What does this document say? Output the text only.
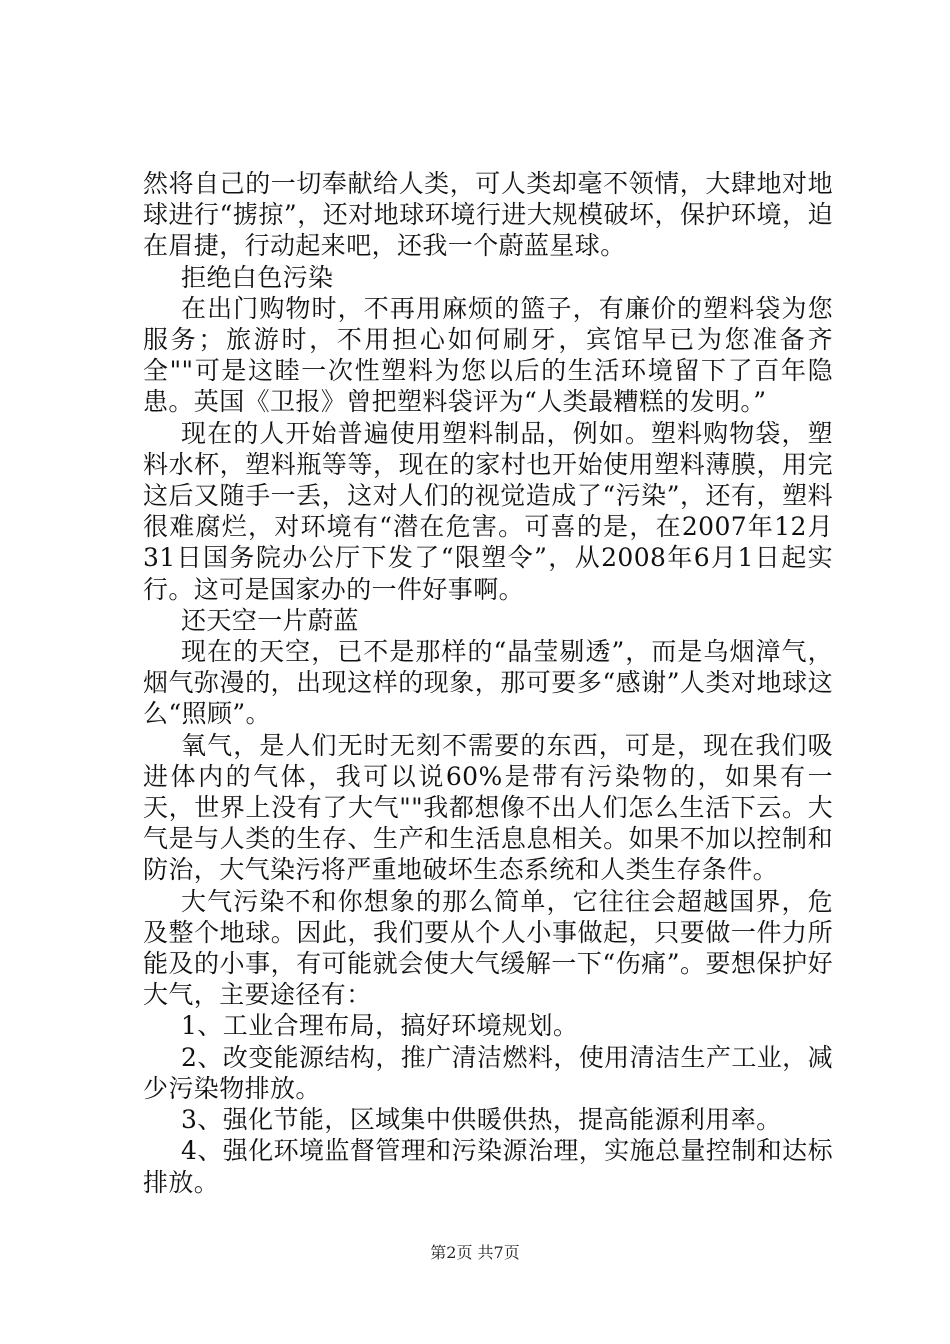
然将自己的一切奉献给人类，可人类却毫不领情，大肆地对地球进行“掳掠”，还对地球环境行进大规模破坏，保护环境，迫在眉捷，行动起来吧，还我一个蔚蓝星球。

拒绝白色污染

在出门购物时，不再用麻烦的篮子，有廉价的塑料袋为您服务；旅游时，不用担心如何刷牙，宾馆早已为您准备齐全""可是这睦一次性塑料为您以后的生活环境留下了百年隐患。英国《卫报》曾把塑料袋评为“人类最糟糕的发明。”

现在的人开始普遍使用塑料制品，例如。塑料购物袋，塑料水杯，塑料瓶等等，现在的家村也开始使用塑料薄膜，用完这后又随手一丢，这对人们的视觉造成了“污染”，还有，塑料很难腐烂，对环境有“潜在危害。可喜的是，在2007年12月31日国务院办公厅下发了“限塑令”，从2008年6月1日起实行。这可是国家办的一件好事啊。

还天空一片蔚蓝

现在的天空，已不是那样的“晶莹剔透”，而是乌烟漳气，烟气弥漫的，出现这样的现象，那可要多“感谢”人类对地球这么“照顾”。

氧气，是人们无时无刻不需要的东西，可是，现在我们吸进体内的气体，我可以说60%是带有污染物的，如果有一天，世界上没有了大气""我都想像不出人们怎么生活下云。大气是与人类的生存、生产和生活息息相关。如果不加以控制和防治，大气染污将严重地破坏生态系统和人类生存条件。

大气污染不和你想象的那么简单，它往往会超越国界，危及整个地球。因此，我们要从个人小事做起，只要做一件力所能及的小事，有可能就会使大气缓解一下“伤痛”。要想保护好大气，主要途径有：

1、工业合理布局，搞好环境规划。

2、改变能源结构，推广清洁燃料，使用清洁生产工业，减少污染物排放。

3、强化节能，区域集中供暖供热，提高能源利用率。

4、强化环境监督管理和污染源治理，实施总量控制和达标排放。

第2页 共7页
